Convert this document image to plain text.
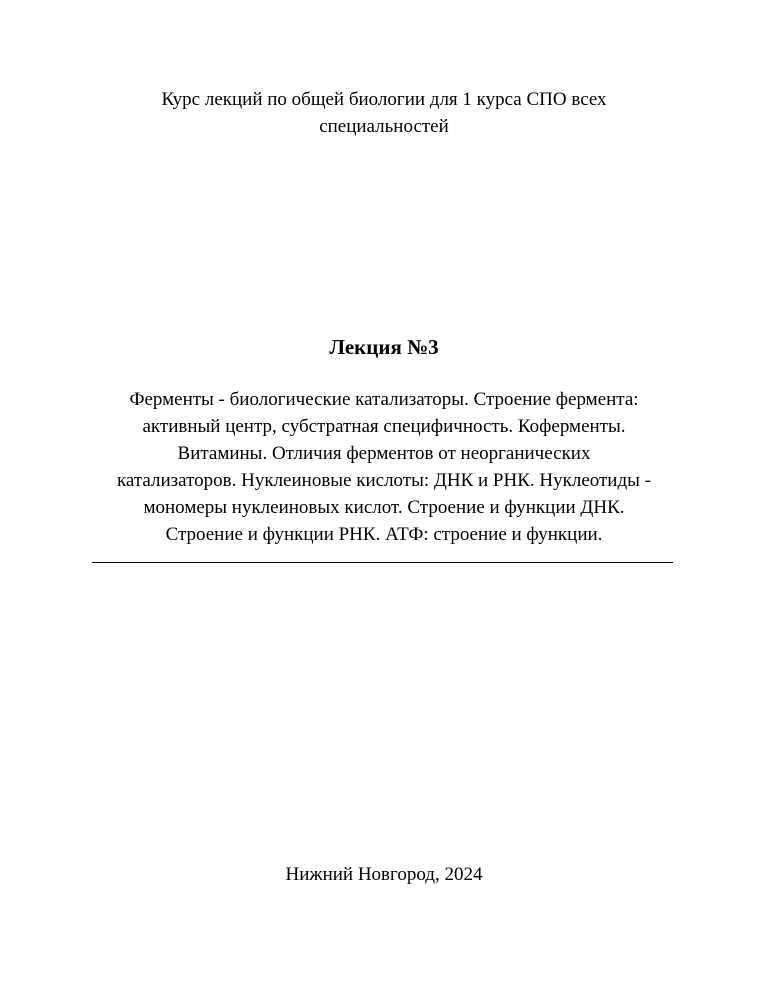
Курс лекций по общей биологии для 1 курса СПО всех
специальностей
Лекция №3
Ферменты - биологические катализаторы. Строение фермента:
активный центр, субстратная специфичность. Коферменты.
Витамины. Отличия ферментов от неорганических
катализаторов. Нуклеиновые кислоты: ДНК и РНК. Нуклеотиды -
мономеры нуклеиновых кислот. Строение и функции ДНК.
Строение и функции РНК. АТФ: строение и функции.
Нижний Новгород, 2024
